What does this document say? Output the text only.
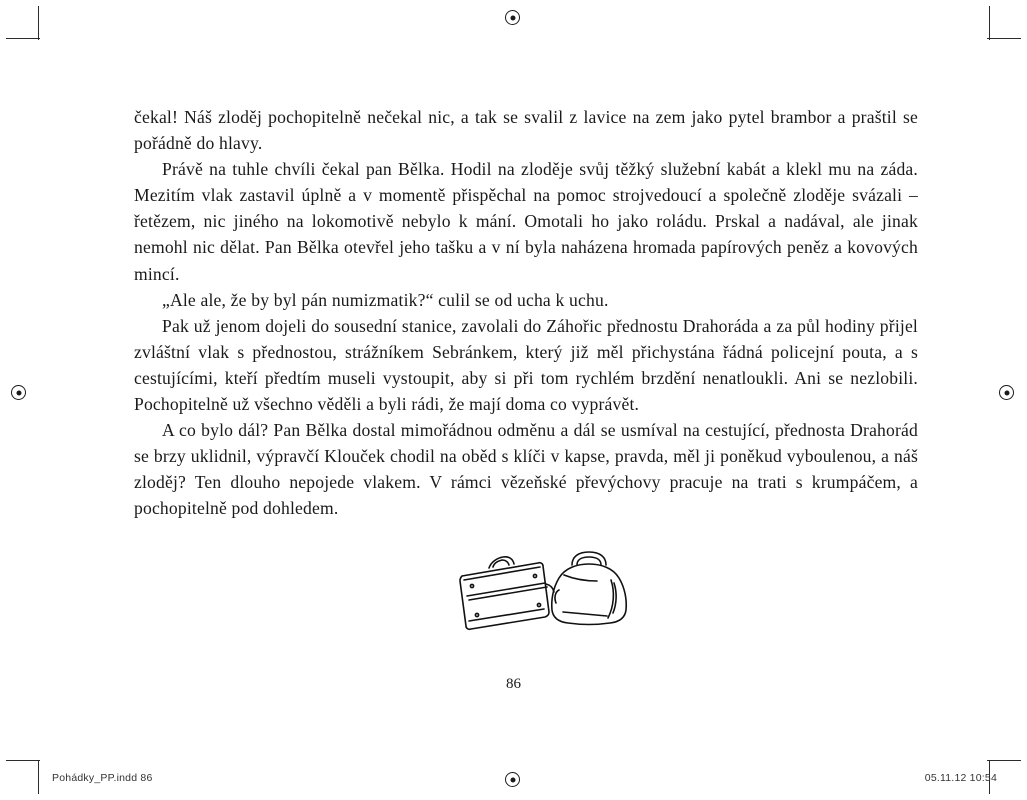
čekal! Náš zloděj pochopitelně nečekal nic, a tak se svalil z lavice na zem jako pytel brambor a praštil se pořádně do hlavy.

Právě na tuhle chvíli čekal pan Bělka. Hodil na zloděje svůj těžký služební kabát a klekl mu na záda. Mezitím vlak zastavil úplně a v momentě přispěchal na pomoc strojvedoucí a společně zloděje svázali – řetězem, nic jiného na lokomotivě nebylo k mání. Omotali ho jako roládu. Prskal a nadával, ale jinak nemohl nic dělat. Pan Bělka otevřel jeho tašku a v ní byla naházena hromada papírových peněz a kovových mincí.

„Ale ale, že by byl pán numizmatik?“ culil se od ucha k uchu.

Pak už jenom dojeli do sousední stanice, zavolali do Záhořic přednostu Drahoráda a za půl hodiny přijel zvláštní vlak s přednostou, strážníkem Sebránkem, který již měl přichystána řádná policejní pouta, a s cestujícími, kteří předtím museli vystoupit, aby si při tom rychlém brzdění nenatloukli. Ani se nezlobili. Pochopitelně už všechno věděli a byli rádi, že mají doma co vyprávět.

A co bylo dál? Pan Bělka dostal mimořádnou odměnu a dál se usmíval na cestující, přednosta Drahorád se brzy uklidnil, výpravčí Klouček chodil na oběd s klíči v kapse, pravda, měl ji poněkud vyboulenou, a náš zloděj? Ten dlouho nepojede vlakem. V rámci vězeňské převýchovy pracuje na trati s krumpáčem, a pochopitelně pod dohledem.

86
Pohádky_PP.indd 86	05.11.12 10:54
